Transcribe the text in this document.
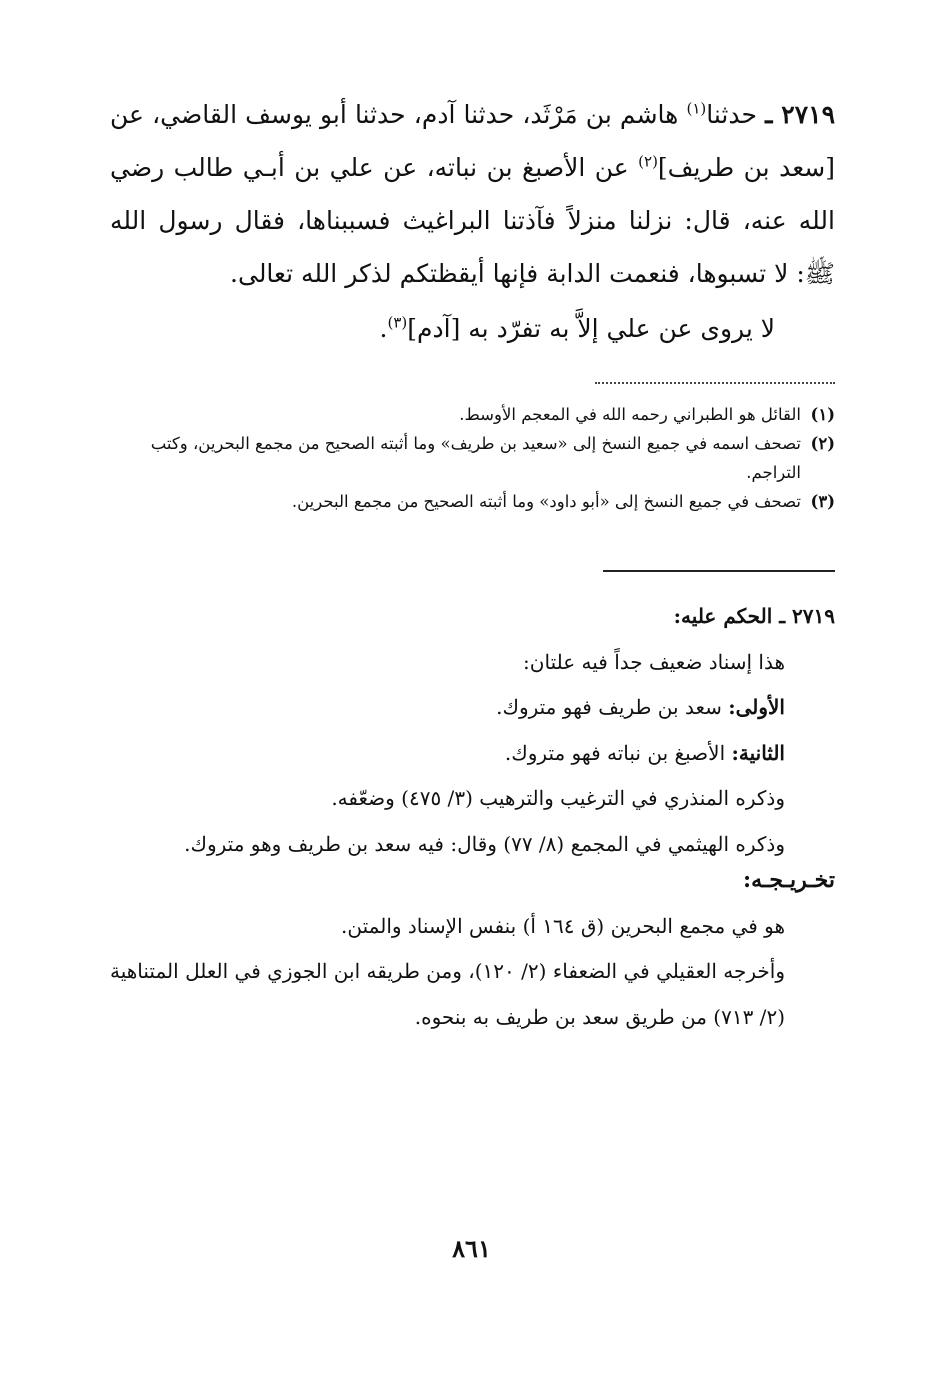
٢٧١٩ ـ حدثنا$^{(١)}$ هاشم بن مَرْثَد، حدثنا آدم، حدثنا أبو يوسف القاضي، عن [سعد بن طريف]$^{(٢)}$ عن الأصبغ بن نباته، عن علي بن أبـي طالب رضي الله عنه، قال: نزلنا منزلاً فآذتنا البراغيث فسببناها، فقال رسول الله ﷺ: لا تسبوها، فنعمت الدابة فإنها أيقظتكم لذكر الله تعالى.

لا يروى عن علي إلاَّ به تفرّد به [آدم]$^{(٣)}$.

(١)
القائل هو الطبراني رحمه الله في المعجم الأوسط.
(٢)
تصحف اسمه في جميع النسخ إلى «سعيد بن طريف» وما أثبته الصحيح من مجمع البحرين، وكتب التراجم.
(٣)
تصحف في جميع النسخ إلى «أبو داود» وما أثبته الصحيح من مجمع البحرين.

٢٧١٩ ـ الحكم عليه:

هذا إسناد ضعيف جداً فيه علتان:

الأولى: سعد بن طريف فهو متروك.

الثانية: الأصبغ بن نباته فهو متروك.

وذكره المنذري في الترغيب والترهيب (٣/ ٤٧٥) وضعّفه.

وذكره الهيثمي في المجمع (٨/ ٧٧) وقال: فيه سعد بن طريف وهو متروك.

تخـريـجـه:

هو في مجمع البحرين (ق ١٦٤ أ) بنفس الإسناد والمتن.

وأخرجه العقيلي في الضعفاء (٢/ ١٢٠)، ومن طريقه ابن الجوزي في العلل المتناهية (٢/ ٧١٣) من طريق سعد بن طريف به بنحوه.

٨٦١
